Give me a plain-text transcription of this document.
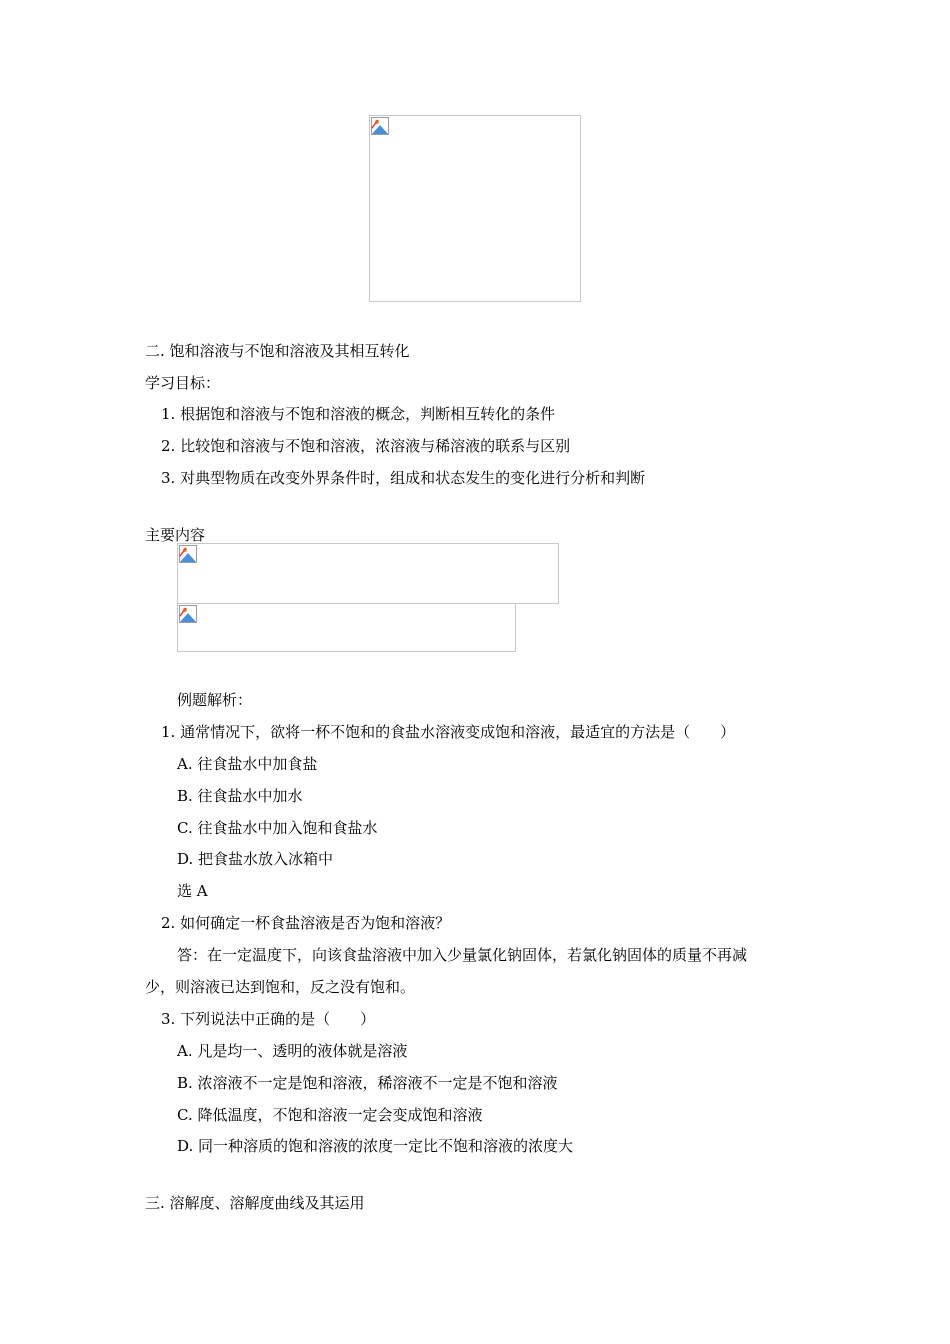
二. 饱和溶液与不饱和溶液及其相互转化
学习目标：
1. 根据饱和溶液与不饱和溶液的概念，判断相互转化的条件
2. 比较饱和溶液与不饱和溶液，浓溶液与稀溶液的联系与区别
3. 对典型物质在改变外界条件时，组成和状态发生的变化进行分析和判断
主要内容
例题解析：
1. 通常情况下，欲将一杯不饱和的食盐水溶液变成饱和溶液，最适宜的方法是（　　）
A. 往食盐水中加食盐
B. 往食盐水中加水
C. 往食盐水中加入饱和食盐水
D. 把食盐水放入冰箱中
选 A
2. 如何确定一杯食盐溶液是否为饱和溶液？
答：在一定温度下，向该食盐溶液中加入少量氯化钠固体，若氯化钠固体的质量不再减
少，则溶液已达到饱和，反之没有饱和。
3. 下列说法中正确的是（　　）
A. 凡是均一、透明的液体就是溶液
B. 浓溶液不一定是饱和溶液，稀溶液不一定是不饱和溶液
C. 降低温度，不饱和溶液一定会变成饱和溶液
D. 同一种溶质的饱和溶液的浓度一定比不饱和溶液的浓度大
三. 溶解度、溶解度曲线及其运用
